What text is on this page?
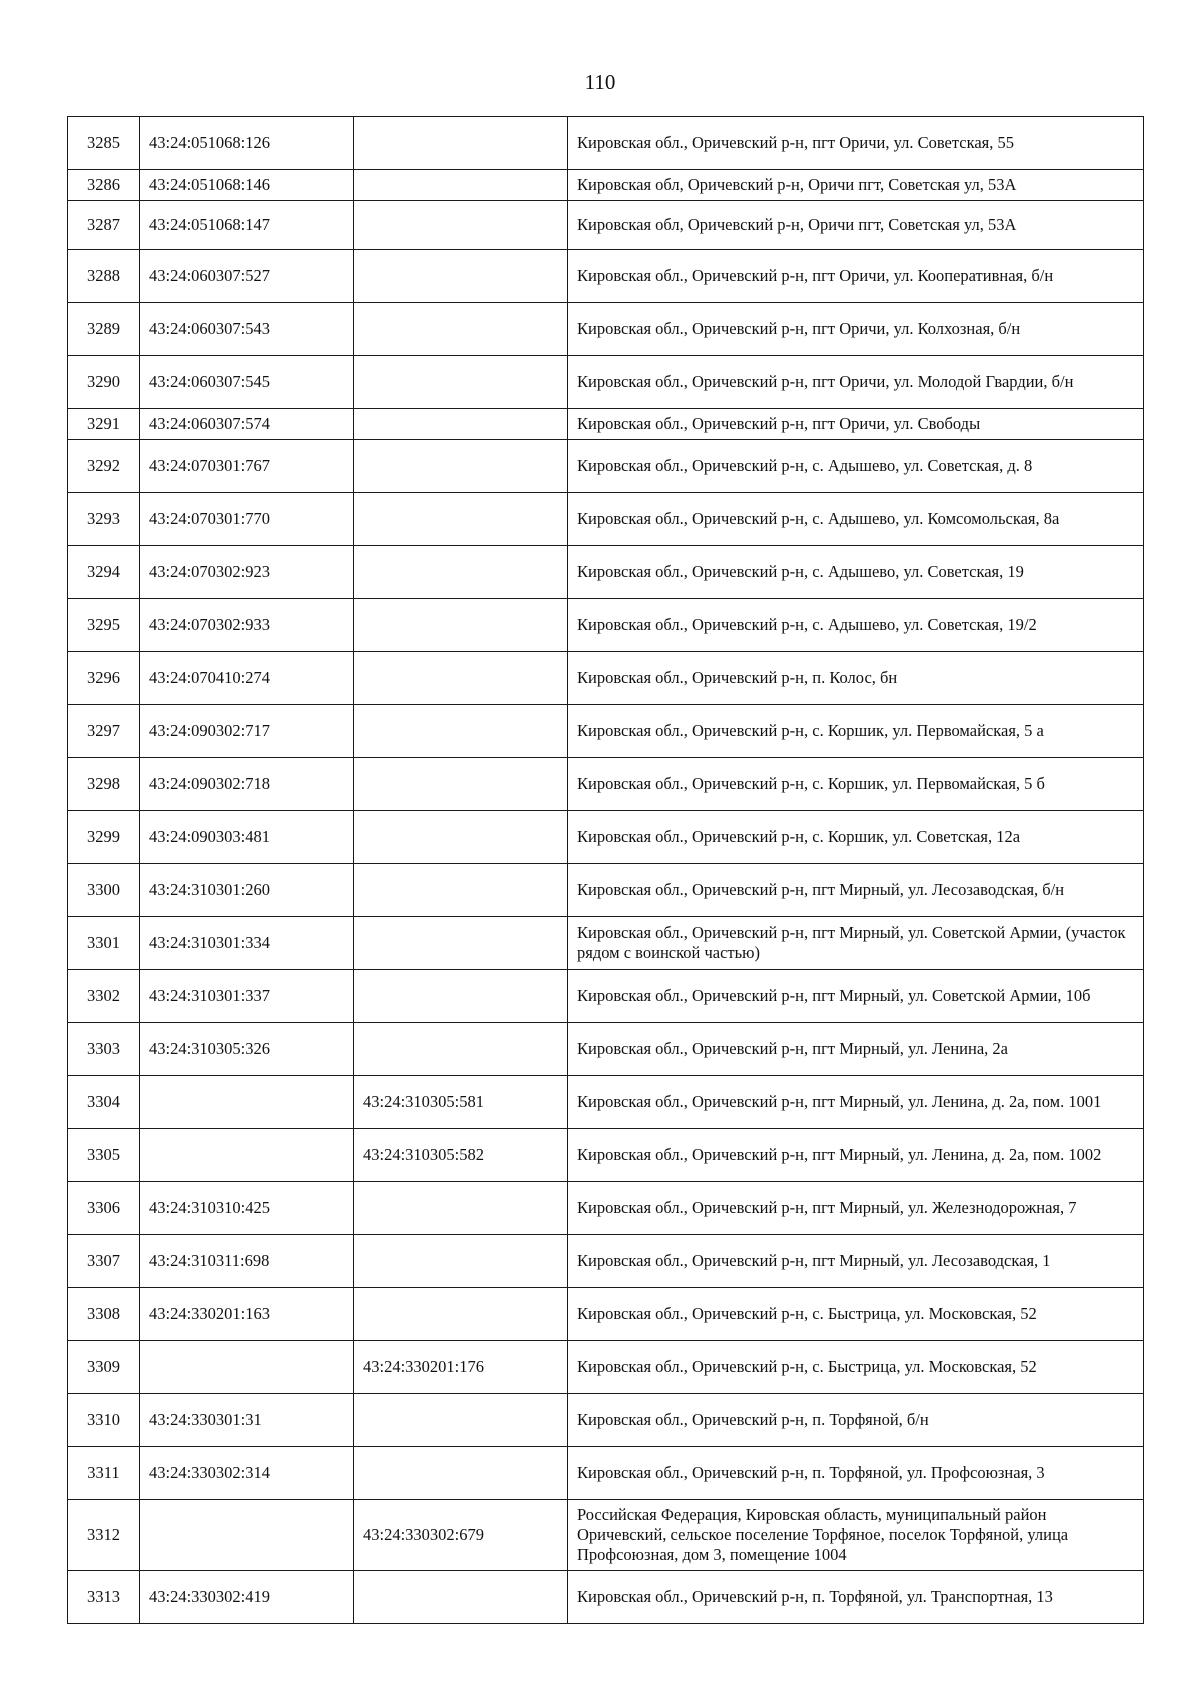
110
3285	43:24:051068:126		Кировская обл., Оричевский р-н, пгт Оричи, ул. Советская, 55
3286	43:24:051068:146		Кировская обл, Оричевский р-н, Оричи пгт, Советская ул, 53А
3287	43:24:051068:147		Кировская обл, Оричевский р-н, Оричи пгт, Советская ул, 53А
3288	43:24:060307:527		Кировская обл., Оричевский р-н, пгт Оричи, ул. Кооперативная, б/н
3289	43:24:060307:543		Кировская обл., Оричевский р-н, пгт Оричи, ул. Колхозная, б/н
3290	43:24:060307:545		Кировская обл., Оричевский р-н, пгт Оричи, ул. Молодой Гвардии, б/н
3291	43:24:060307:574		Кировская обл., Оричевский р-н, пгт Оричи, ул. Свободы
3292	43:24:070301:767		Кировская обл., Оричевский р-н, с. Адышево, ул. Советская, д. 8
3293	43:24:070301:770		Кировская обл., Оричевский р-н, с. Адышево, ул. Комсомольская, 8а
3294	43:24:070302:923		Кировская обл., Оричевский р-н, с. Адышево, ул. Советская, 19
3295	43:24:070302:933		Кировская обл., Оричевский р-н, с. Адышево, ул. Советская, 19/2
3296	43:24:070410:274		Кировская обл., Оричевский р-н, п. Колос, бн
3297	43:24:090302:717		Кировская обл., Оричевский р-н, с. Коршик, ул. Первомайская, 5 а
3298	43:24:090302:718		Кировская обл., Оричевский р-н, с. Коршик, ул. Первомайская, 5 б
3299	43:24:090303:481		Кировская обл., Оричевский р-н, с. Коршик, ул. Советская, 12а
3300	43:24:310301:260		Кировская обл., Оричевский р-н, пгт Мирный, ул. Лесозаводская, б/н
3301	43:24:310301:334		Кировская обл., Оричевский р-н, пгт Мирный, ул. Советской Армии, (участок рядом с воинской частью)
3302	43:24:310301:337		Кировская обл., Оричевский р-н, пгт Мирный, ул. Советской Армии, 10б
3303	43:24:310305:326		Кировская обл., Оричевский р-н, пгт Мирный, ул. Ленина, 2а
3304		43:24:310305:581	Кировская обл., Оричевский р-н, пгт Мирный, ул. Ленина, д. 2а, пом. 1001
3305		43:24:310305:582	Кировская обл., Оричевский р-н, пгт Мирный, ул. Ленина, д. 2а, пом. 1002
3306	43:24:310310:425		Кировская обл., Оричевский р-н, пгт Мирный, ул. Железнодорожная, 7
3307	43:24:310311:698		Кировская обл., Оричевский р-н, пгт Мирный, ул. Лесозаводская, 1
3308	43:24:330201:163		Кировская обл., Оричевский р-н, с. Быстрица, ул. Московская, 52
3309		43:24:330201:176	Кировская обл., Оричевский р-н, с. Быстрица, ул. Московская, 52
3310	43:24:330301:31		Кировская обл., Оричевский р-н, п. Торфяной, б/н
3311	43:24:330302:314		Кировская обл., Оричевский р-н, п. Торфяной, ул. Профсоюзная, 3
3312		43:24:330302:679	Российская Федерация, Кировская область, муниципальный район Оричевский, сельское поселение Торфяное, поселок Торфяной, улица Профсоюзная, дом 3, помещение 1004
3313	43:24:330302:419		Кировская обл., Оричевский р-н, п. Торфяной, ул. Транспортная, 13
